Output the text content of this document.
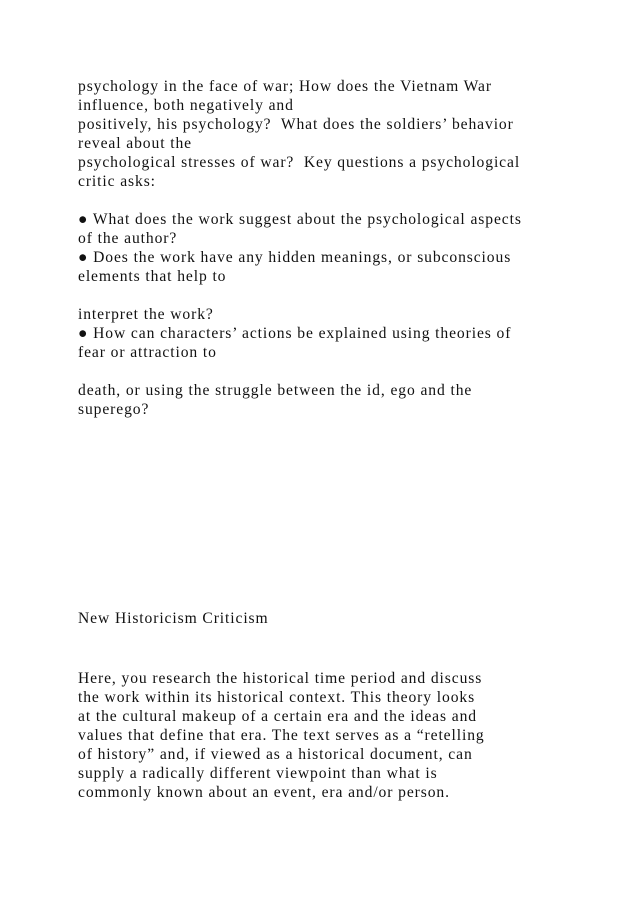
psychology in the face of war; How does the Vietnam War
influence, both negatively and
positively, his psychology?  What does the soldiers’ behavior
reveal about the
psychological stresses of war?  Key questions a psychological
critic asks:
● What does the work suggest about the psychological aspects
of the author?
● Does the work have any hidden meanings, or subconscious
elements that help to
interpret the work?
● How can characters’ actions be explained using theories of
fear or attraction to
death, or using the struggle between the id, ego and the
superego?
New Historicism Criticism
Here, you research the historical time period and discuss
the work within its historical context. This theory looks
at the cultural makeup of a certain era and the ideas and
values that define that era. The text serves as a “retelling
of history” and, if viewed as a historical document, can
supply a radically different viewpoint than what is
commonly known about an event, era and/or person.
